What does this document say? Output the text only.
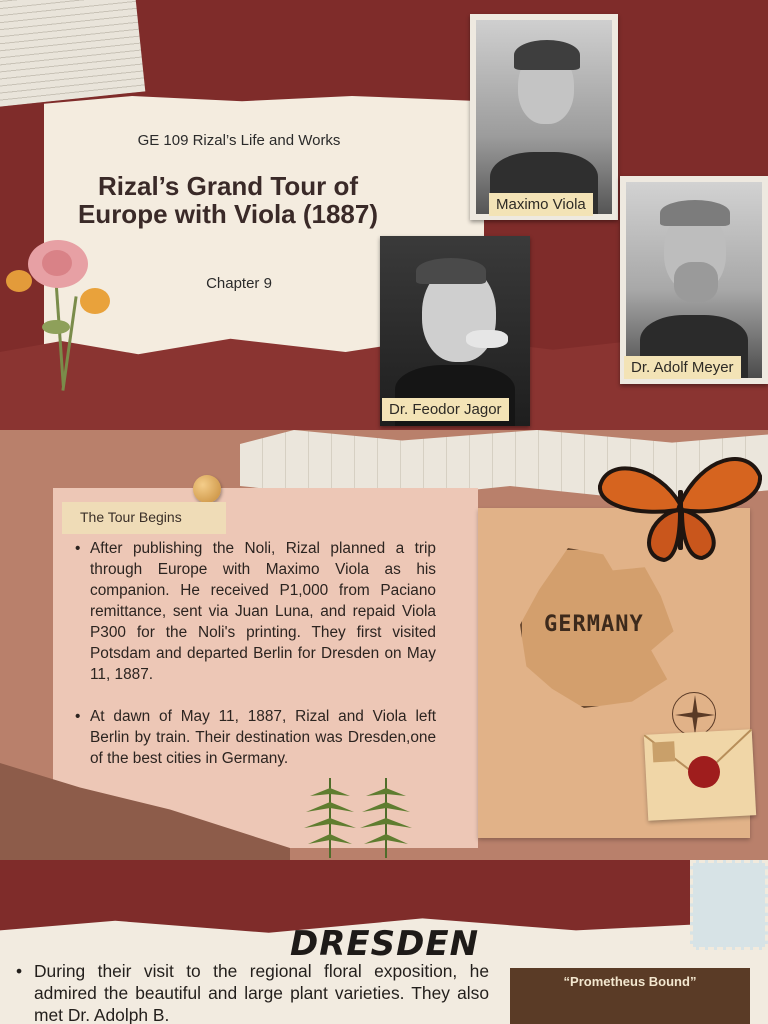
GE 109 Rizal’s Life and Works
Rizal’s Grand Tour of Europe with Viola (1887)
Chapter 9
Maximo Viola
Dr. Adolf Meyer
Dr. Feodor Jagor
The Tour Begins
• After publishing the Noli, Rizal planned a trip through Europe with Maximo Viola as his companion. He received P1,000 from Paciano remittance, sent via Juan Luna, and repaid Viola P300 for the Noli's printing. They first visited Potsdam and departed Berlin for Dresden on May 11, 1887.
• At dawn of May 11, 1887, Rizal and Viola left Berlin by train. Their destination was Dresden,one of the best cities in Germany.
GERMANY
DRESDEN
• During their visit to the regional floral exposition, he admired the beautiful and large plant varieties. They also met Dr. Adolph B.
“Prometheus Bound”
